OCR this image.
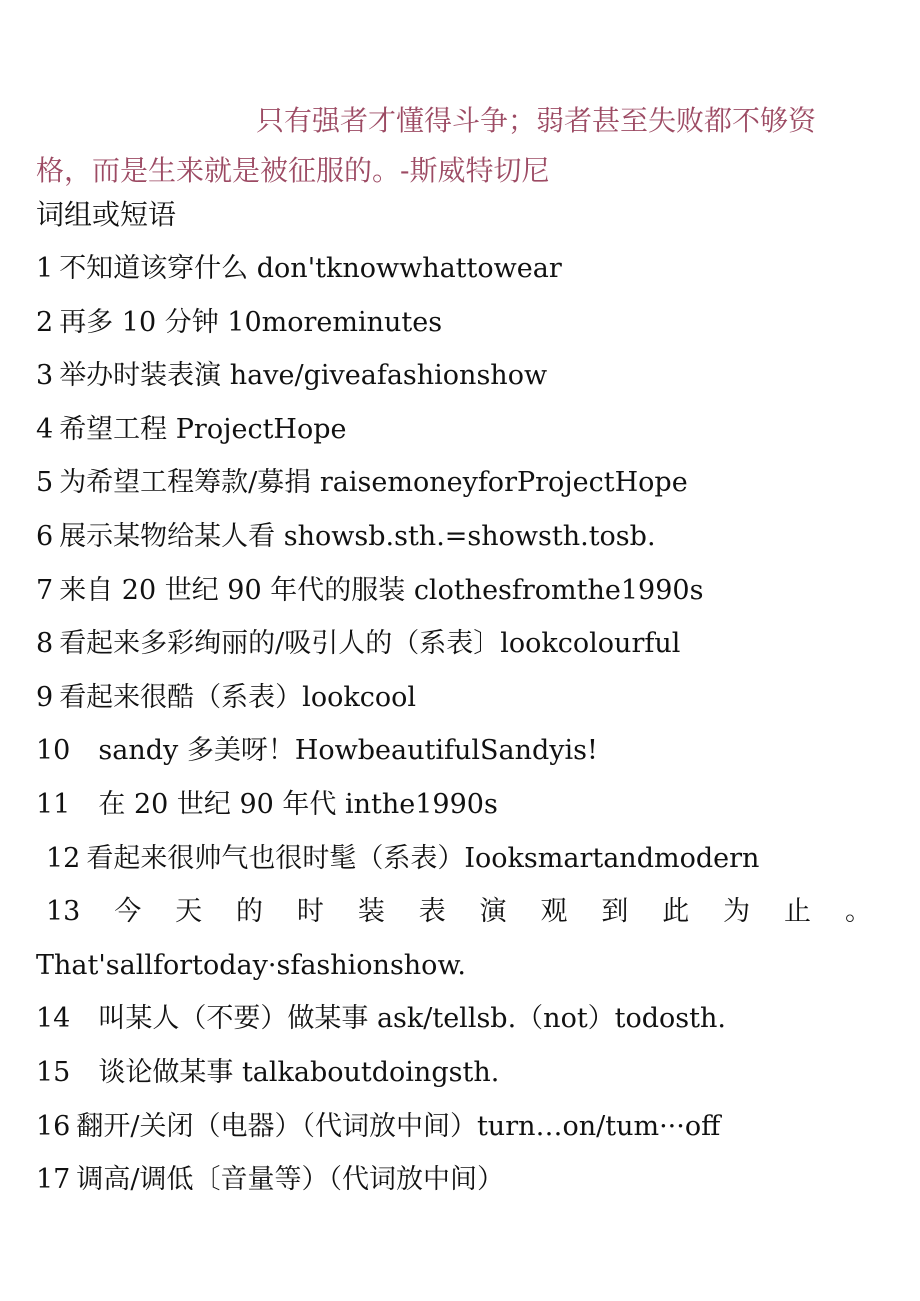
只有强者才懂得斗争；弱者甚至失败都不够资格，而是生来就是被征服的。-斯威特切尼

词组或短语
1 不知道该穿什么 don'tknowwhattowear
2 再多 10 分钟 10moreminutes
3 举办时装表演 have/giveafashionshow
4 希望工程 ProjectHope
5 为希望工程筹款/募捐 raisemoneyforProjectHope
6 展示某物给某人看 showsb.sth.=showsth.tosb.
7 来自 20 世纪 90 年代的服装 clothesfromthe1990s
8 看起来多彩绚丽的/吸引人的（系表〕lookcolourful
9 看起来很酷（系表）lookcool
10 sandy 多美呀！HowbeautifulSandyis!
11 在 20 世纪 90 年代 inthe1990s
12 看起来很帅气也很时髦（系表）Iooksmartandmodern
13 今 天 的 时 装 表 演 观 到 此 为 止 。
That'sallfortoday·sfashionshow.
14 叫某人（不要）做某事 ask/tellsb.（not）todosth.
15 谈论做某事 talkaboutdoingsth.
16 翻开/关闭（电器）（代词放中间）turn…on/tum···off
17 调高/调低〔音量等）（代词放中间）
